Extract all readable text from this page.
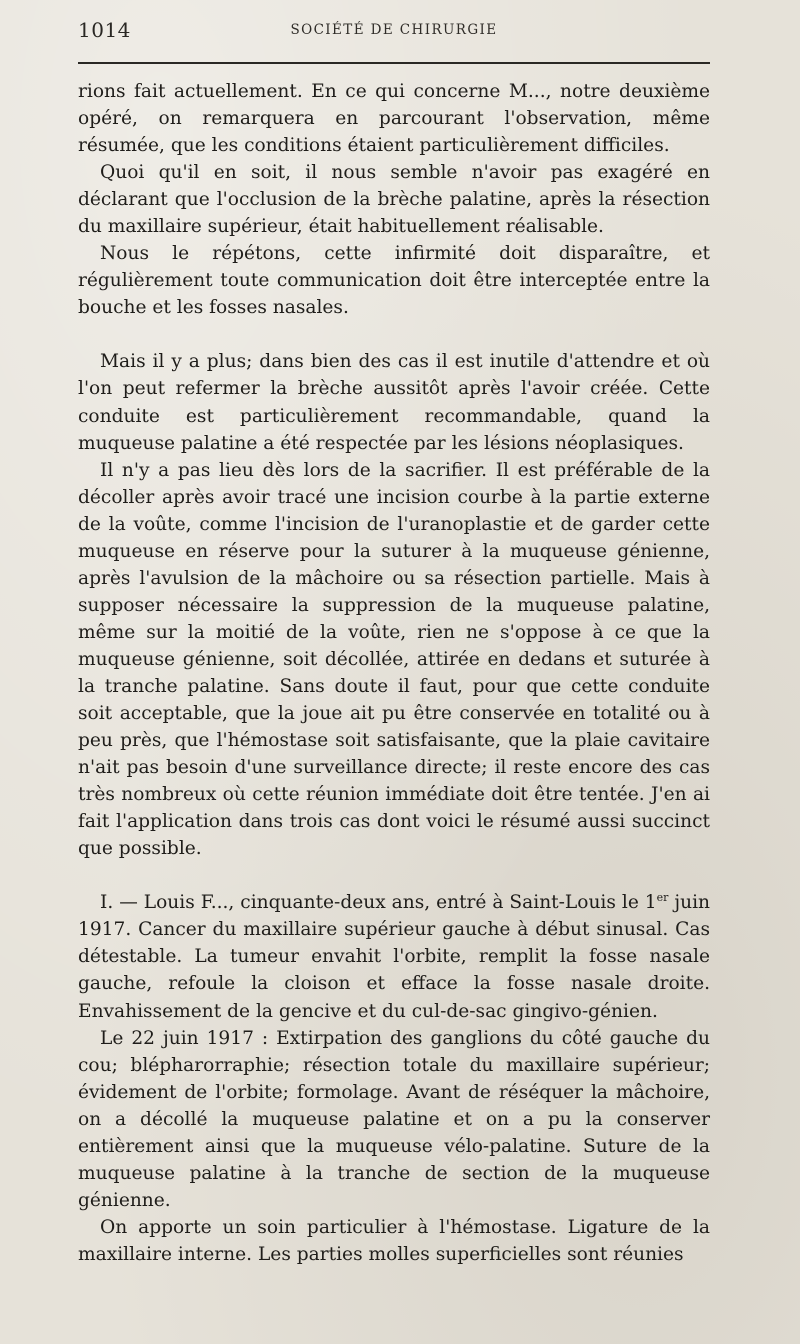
1014	SOCIÉTÉ DE CHIRURGIE

rions fait actuellement. En ce qui concerne M..., notre deuxième opéré, on remarquera en parcourant l'observation, même résumée, que les conditions étaient particulièrement difficiles.

Quoi qu'il en soit, il nous semble n'avoir pas exagéré en déclarant que l'occlusion de la brèche palatine, après la résection du maxillaire supérieur, était habituellement réalisable.

Nous le répétons, cette infirmité doit disparaître, et régulièrement toute communication doit être interceptée entre la bouche et les fosses nasales.

Mais il y a plus; dans bien des cas il est inutile d'attendre et où l'on peut refermer la brèche aussitôt après l'avoir créée. Cette conduite est particulièrement recommandable, quand la muqueuse palatine a été respectée par les lésions néoplasiques.

Il n'y a pas lieu dès lors de la sacrifier. Il est préférable de la décoller après avoir tracé une incision courbe à la partie externe de la voûte, comme l'incision de l'uranoplastie et de garder cette muqueuse en réserve pour la suturer à la muqueuse génienne, après l'avulsion de la mâchoire ou sa résection partielle. Mais à supposer nécessaire la suppression de la muqueuse palatine, même sur la moitié de la voûte, rien ne s'oppose à ce que la muqueuse génienne, soit décollée, attirée en dedans et suturée à la tranche palatine. Sans doute il faut, pour que cette conduite soit acceptable, que la joue ait pu être conservée en totalité ou à peu près, que l'hémostase soit satisfaisante, que la plaie cavitaire n'ait pas besoin d'une surveillance directe; il reste encore des cas très nombreux où cette réunion immédiate doit être tentée. J'en ai fait l'application dans trois cas dont voici le résumé aussi succinct que possible.

I. — Louis F..., cinquante-deux ans, entré à Saint-Louis le 1er juin 1917. Cancer du maxillaire supérieur gauche à début sinusal. Cas détestable. La tumeur envahit l'orbite, remplit la fosse nasale gauche, refoule la cloison et efface la fosse nasale droite. Envahissement de la gencive et du cul-de-sac gingivo-génien.

Le 22 juin 1917 : Extirpation des ganglions du côté gauche du cou; blépharorraphie; résection totale du maxillaire supérieur; évidement de l'orbite; formolage. Avant de réséquer la mâchoire, on a décollé la muqueuse palatine et on a pu la conserver entièrement ainsi que la muqueuse vélo-palatine. Suture de la muqueuse palatine à la tranche de section de la muqueuse génienne.

On apporte un soin particulier à l'hémostase. Ligature de la maxillaire interne. Les parties molles superficielles sont réunies
